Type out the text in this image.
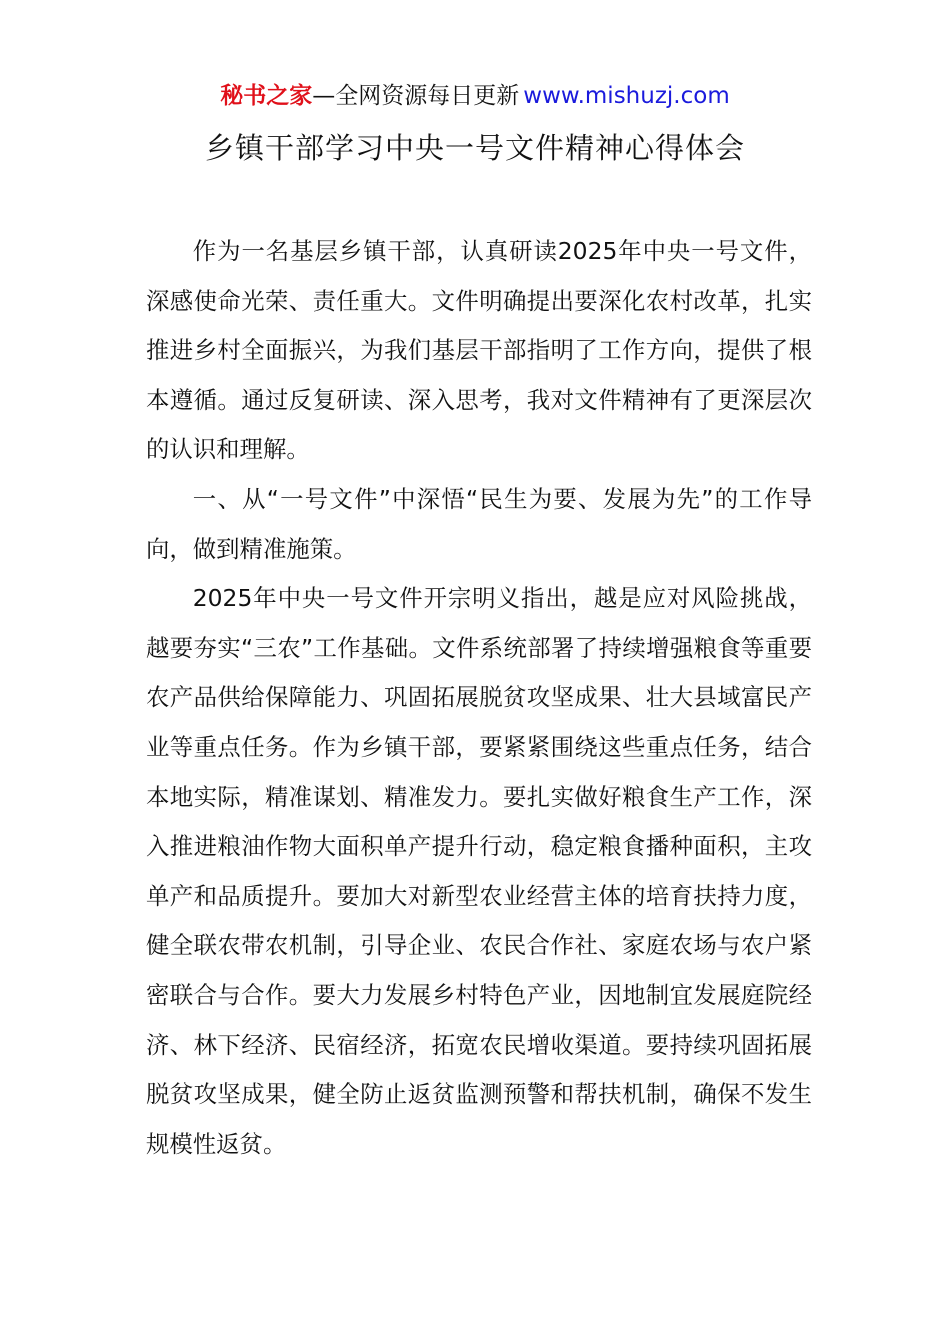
秘书之家—全网资源每日更新 www.mishuzj.com
乡镇干部学习中央一号文件精神心得体会

作为一名基层乡镇干部，认真研读2025年中央一号文件，深感使命光荣、责任重大。文件明确提出要深化农村改革，扎实推进乡村全面振兴，为我们基层干部指明了工作方向，提供了根本遵循。通过反复研读、深入思考，我对文件精神有了更深层次的认识和理解。

一、从“一号文件”中深悟“民生为要、发展为先”的工作导向，做到精准施策。

2025年中央一号文件开宗明义指出，越是应对风险挑战，越要夯实“三农”工作基础。文件系统部署了持续增强粮食等重要农产品供给保障能力、巩固拓展脱贫攻坚成果、壮大县域富民产业等重点任务。作为乡镇干部，要紧紧围绕这些重点任务，结合本地实际，精准谋划、精准发力。要扎实做好粮食生产工作，深入推进粮油作物大面积单产提升行动，稳定粮食播种面积，主攻单产和品质提升。要加大对新型农业经营主体的培育扶持力度，健全联农带农机制，引导企业、农民合作社、家庭农场与农户紧密联合与合作。要大力发展乡村特色产业，因地制宜发展庭院经济、林下经济、民宿经济，拓宽农民增收渠道。要持续巩固拓展脱贫攻坚成果，健全防止返贫监测预警和帮扶机制，确保不发生规模性返贫。
